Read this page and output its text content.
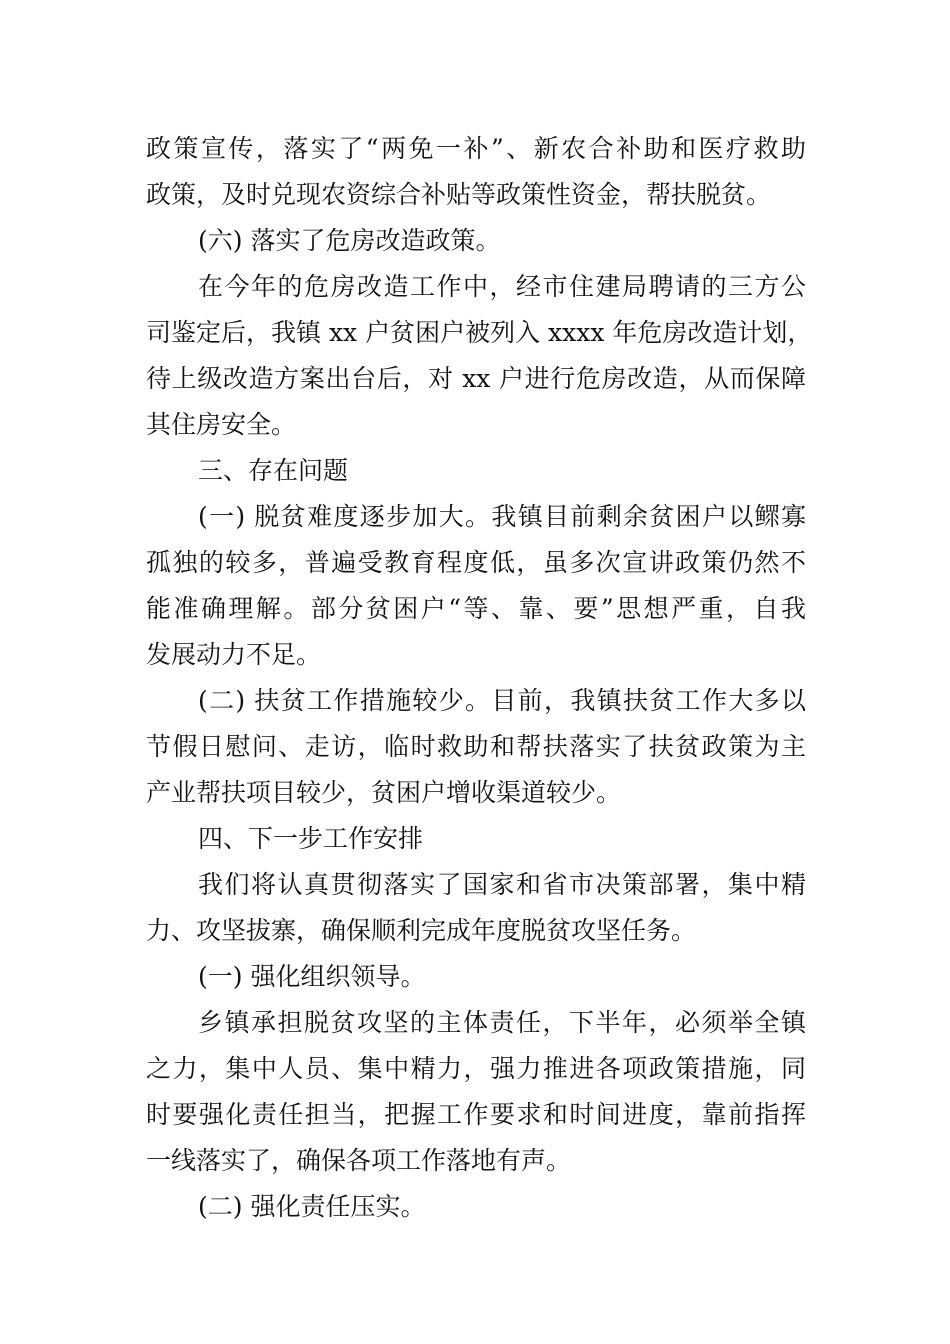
政策宣传，落实了“两免一补”、新农合补助和医疗救助
政策，及时兑现农资综合补贴等政策性资金，帮扶脱贫。
(六) 落实了危房改造政策。
在今年的危房改造工作中，经市住建局聘请的三方公
司鉴定后，我镇 xx 户贫困户被列入 xxxx 年危房改造计划，
待上级改造方案出台后，对 xx 户进行危房改造，从而保障
其住房安全。
三、存在问题
(一) 脱贫难度逐步加大。我镇目前剩余贫困户以鳏寡
孤独的较多，普遍受教育程度低，虽多次宣讲政策仍然不
能准确理解。部分贫困户“等、靠、要”思想严重，自我
发展动力不足。
(二) 扶贫工作措施较少。目前，我镇扶贫工作大多以
节假日慰问、走访，临时救助和帮扶落实了扶贫政策为主
产业帮扶项目较少，贫困户增收渠道较少。
四、下一步工作安排
我们将认真贯彻落实了国家和省市决策部署，集中精
力、攻坚拔寨，确保顺利完成年度脱贫攻坚任务。
(一) 强化组织领导。
乡镇承担脱贫攻坚的主体责任，下半年，必须举全镇
之力，集中人员、集中精力，强力推进各项政策措施，同
时要强化责任担当，把握工作要求和时间进度，靠前指挥
一线落实了，确保各项工作落地有声。
(二) 强化责任压实。
